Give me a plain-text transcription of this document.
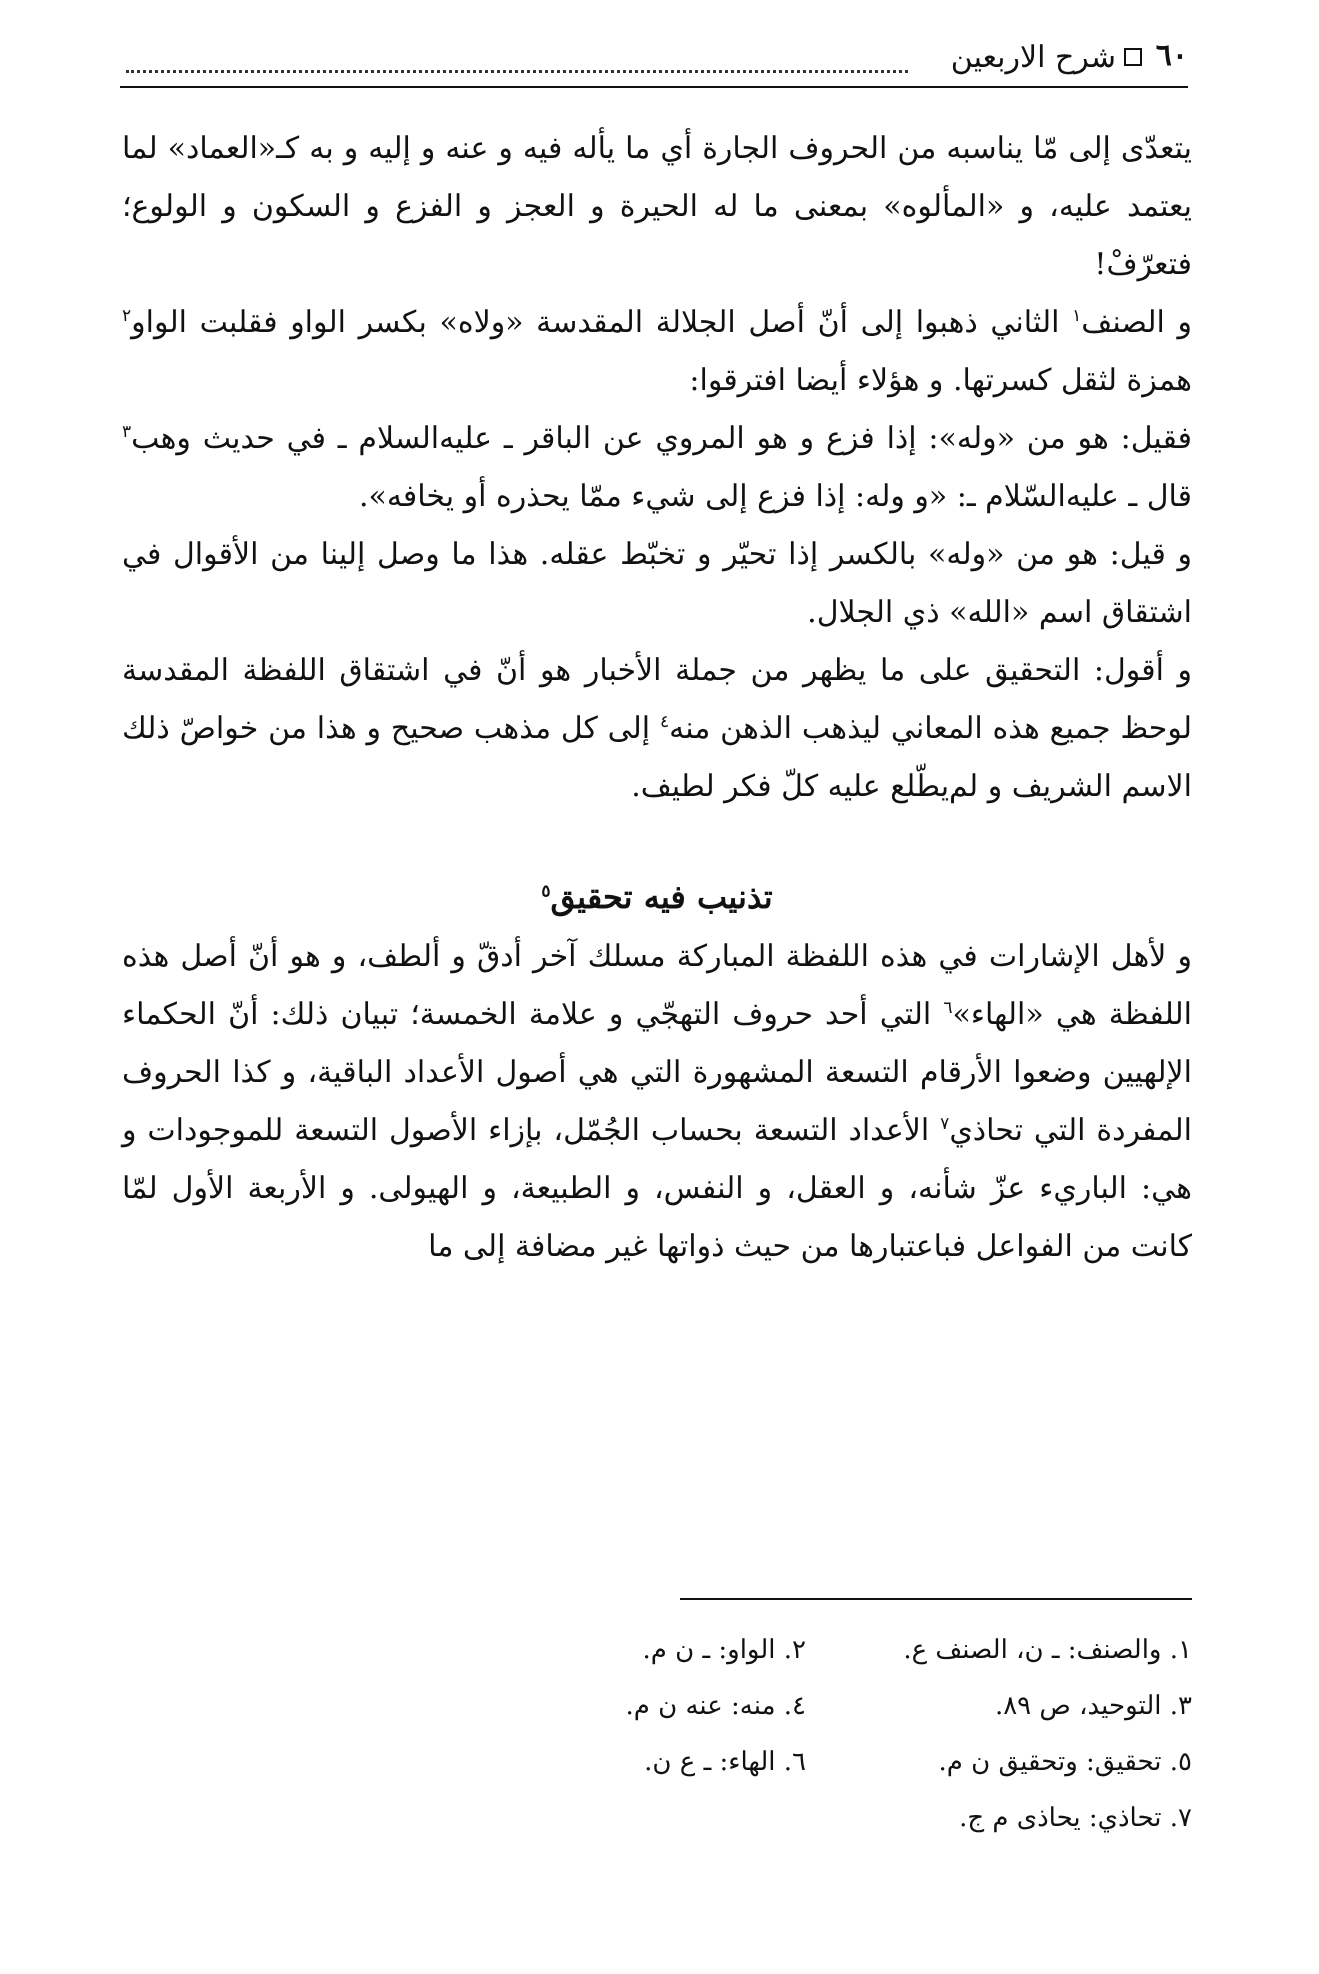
٦٠
شرح الاربعين

يتعدّى إلى مّا يناسبه من الحروف الجارة أي ما يأله فيه و عنه و إليه و به كـ«العماد» لما يعتمد عليه، و «المألوه» بمعنى ما له الحيرة و العجز و الفزع و السكون و الولوع؛ فتعرّفْ!

و الصنف$^١$ الثاني ذهبوا إلى أنّ أصل الجلالة المقدسة «ولاه» بكسر الواو فقلبت الواو$^٢$ همزة لثقل كسرتها. و هؤلاء أيضا افترقوا:

فقيل: هو من «وله»: إذا فزع و هو المروي عن الباقر ـ عليه‌السلام ـ في حديث وهب$^٣$ قال ـ عليه‌السّلام ـ: «و وله: إذا فزع إلى شيء ممّا يحذره أو يخافه».

و قيل: هو من «وله» بالكسر إذا تحيّر و تخبّط عقله. هذا ما وصل إلينا من الأقوال في اشتقاق اسم «الله» ذي الجلال.

و أقول: التحقيق على ما يظهر من جملة الأخبار هو أنّ في اشتقاق اللفظة المقدسة لوحظ جميع هذه المعاني ليذهب الذهن منه$^٤$ إلى كل مذهب صحيح و هذا من خواصّ ذلك الاسم الشريف و لم‌يطّلع عليه كلّ فكر لطيف.

تذنيب فيه تحقيق$^٥$

و لأهل الإشارات في هذه اللفظة المباركة مسلك آخر أدقّ و ألطف، و هو أنّ أصل هذه اللفظة هي «الهاء»$^٦$ التي أحد حروف التهجّي و علامة الخمسة؛ تبيان ذلك: أنّ الحكماء الإلهيين وضعوا الأرقام التسعة المشهورة التي هي أصول الأعداد الباقية، و كذا الحروف المفردة التي تحاذي$^٧$ الأعداد التسعة بحساب الجُمّل، بإزاء الأصول التسعة للموجودات و هي: الباريء عزّ شأنه، و العقل، و النفس، و الطبيعة، و الهيولى. و الأربعة الأول لمّا كانت من الفواعل فباعتبارها من حيث ذواتها غير مضافة إلى ما

١. والصنف: ـ ن، الصنف ع.
٢. الواو: ـ ن م.
٣. التوحيد، ص ٨٩.
٤. منه: عنه ن م.
٥. تحقيق: وتحقيق ن م.
٦. الهاء: ـ ع ن.
٧. تحاذي: يحاذى م ج.
